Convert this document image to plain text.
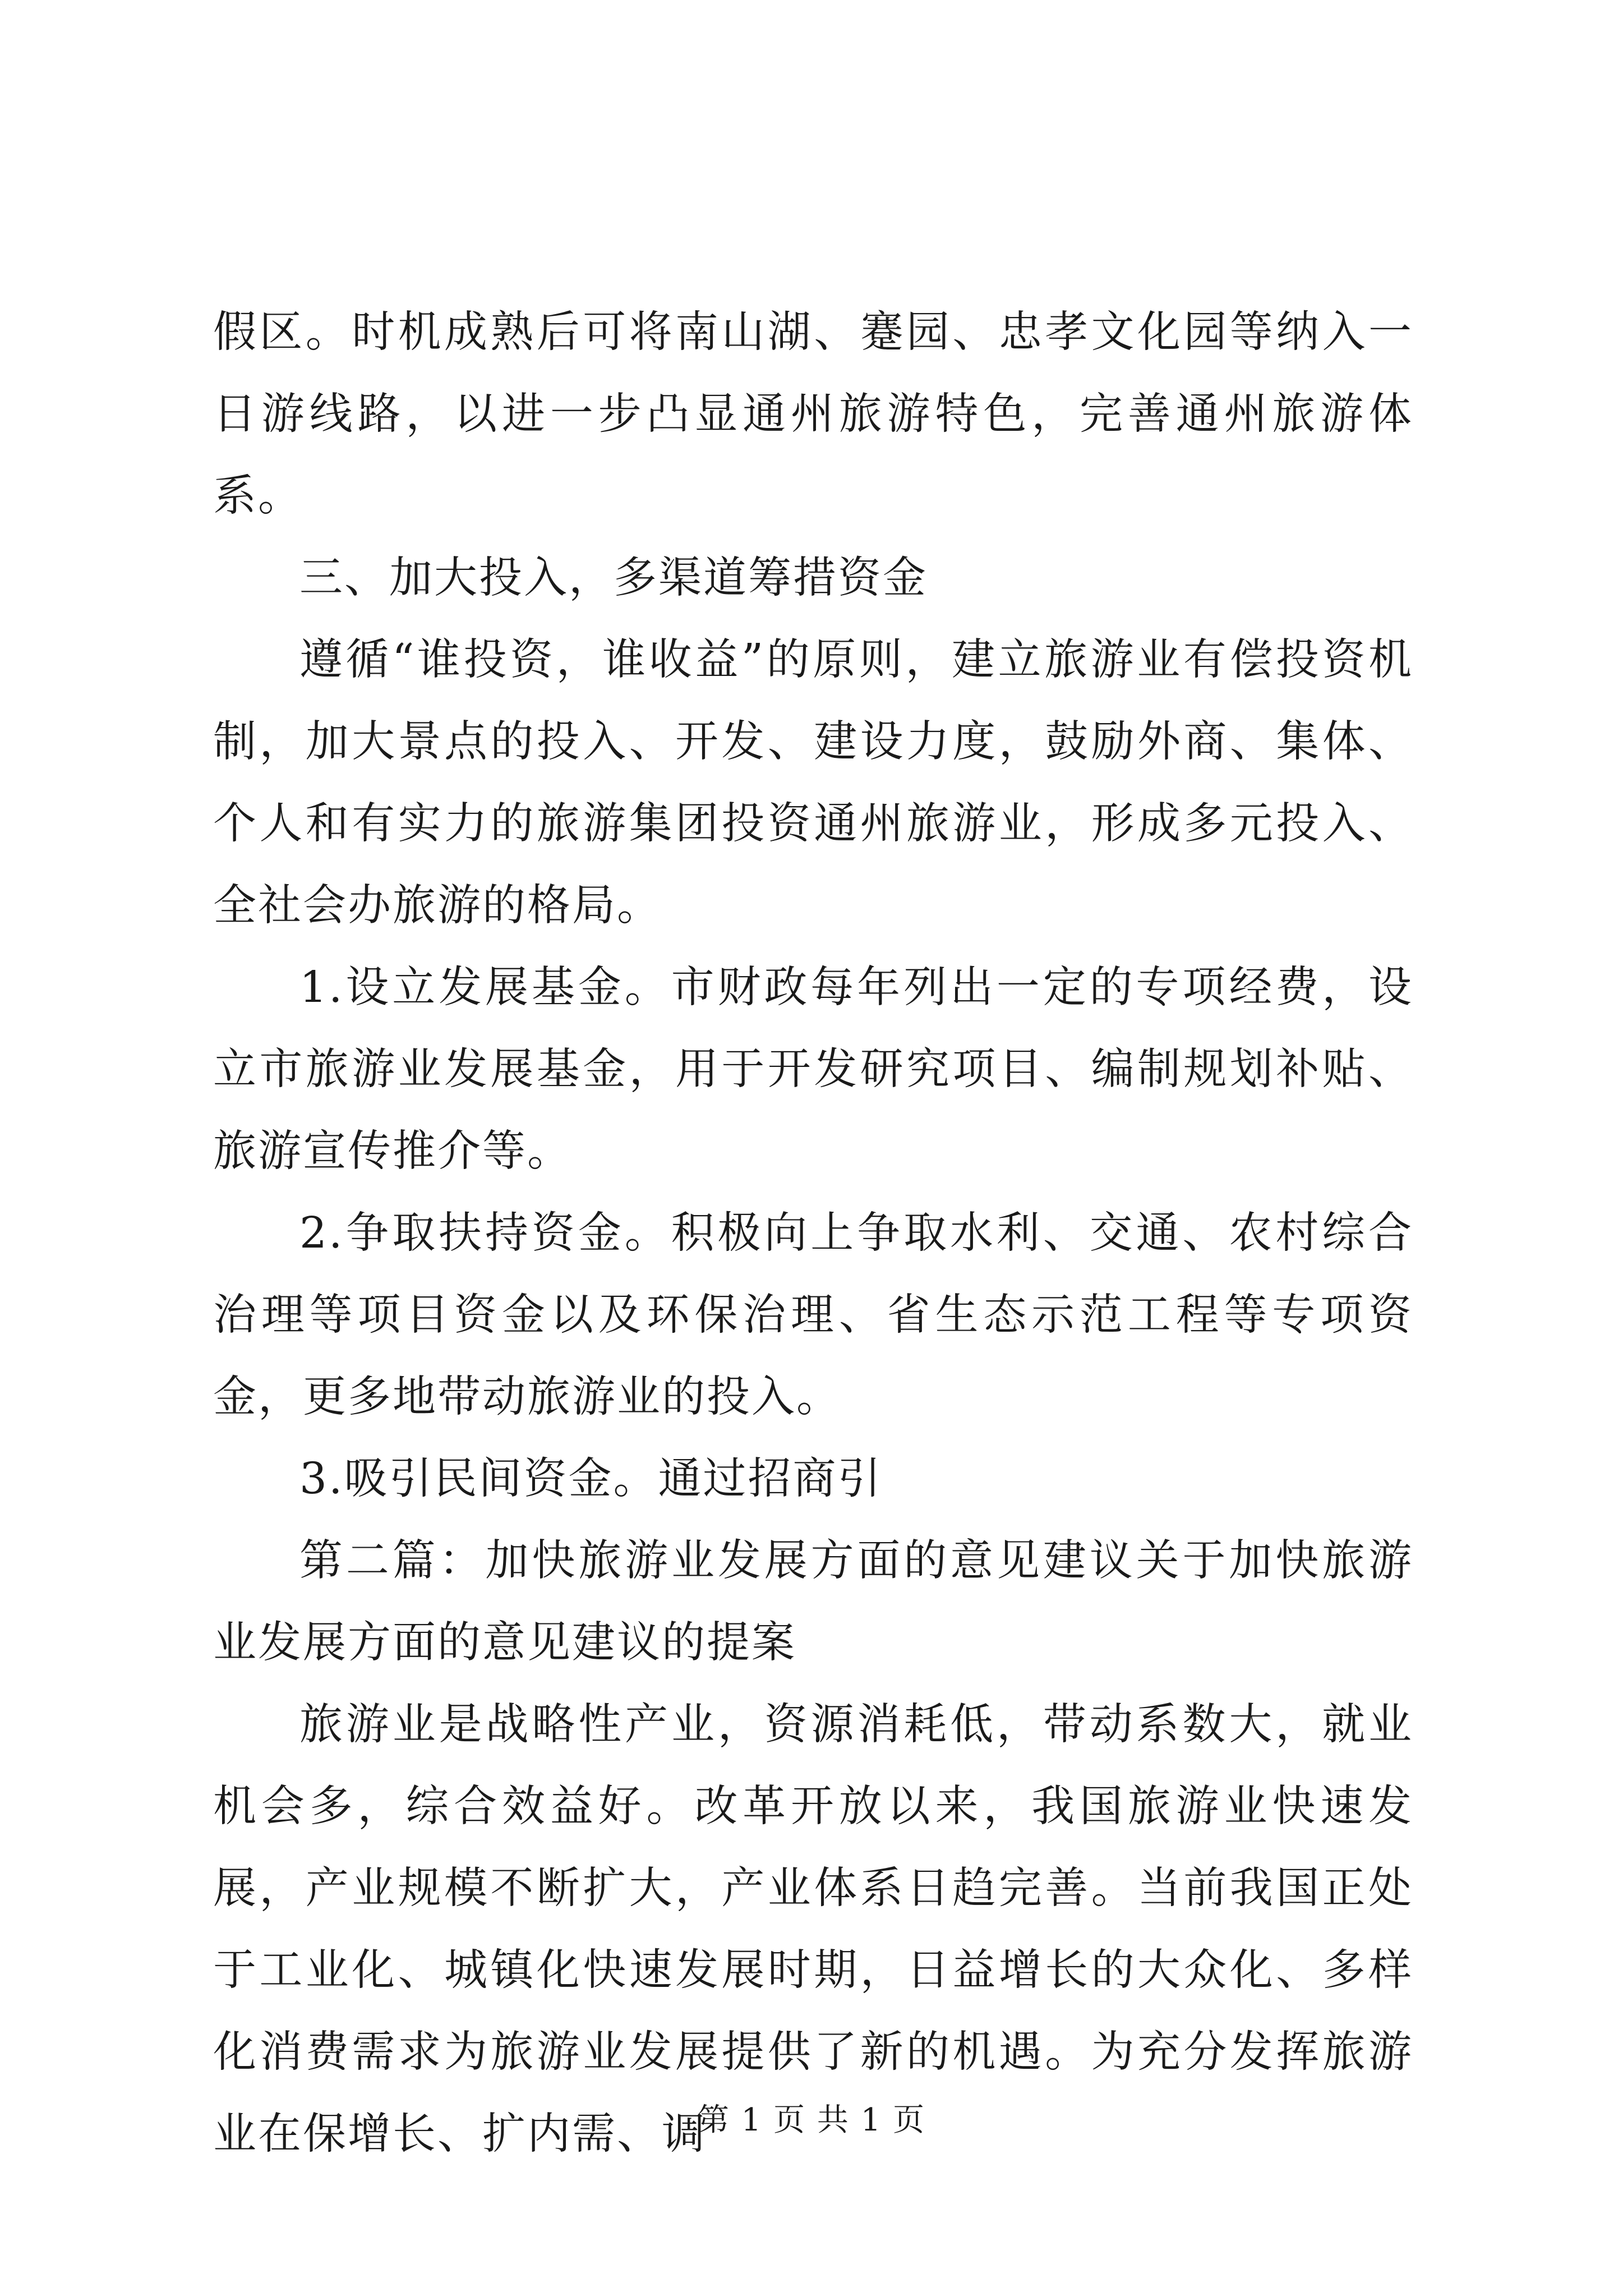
假区。时机成熟后可将南山湖、蹇园、忠孝文化园等纳入一日游线路，以进一步凸显通州旅游特色，完善通州旅游体系。

三、加大投入，多渠道筹措资金

遵循“谁投资，谁收益”的原则，建立旅游业有偿投资机制，加大景点的投入、开发、建设力度，鼓励外商、集体、个人和有实力的旅游集团投资通州旅游业，形成多元投入、全社会办旅游的格局。

1.设立发展基金。市财政每年列出一定的专项经费，设立市旅游业发展基金，用于开发研究项目、编制规划补贴、旅游宣传推介等。

2.争取扶持资金。积极向上争取水利、交通、农村综合治理等项目资金以及环保治理、省生态示范工程等专项资金，更多地带动旅游业的投入。

3.吸引民间资金。通过招商引

第二篇：加快旅游业发展方面的意见建议关于加快旅游业发展方面的意见建议的提案

旅游业是战略性产业，资源消耗低，带动系数大，就业机会多，综合效益好。改革开放以来，我国旅游业快速发展，产业规模不断扩大，产业体系日趋完善。当前我国正处于工业化、城镇化快速发展时期，日益增长的大众化、多样化消费需求为旅游业发展提供了新的机遇。为充分发挥旅游业在保增长、扩内需、调

第 1 页 共 1 页
